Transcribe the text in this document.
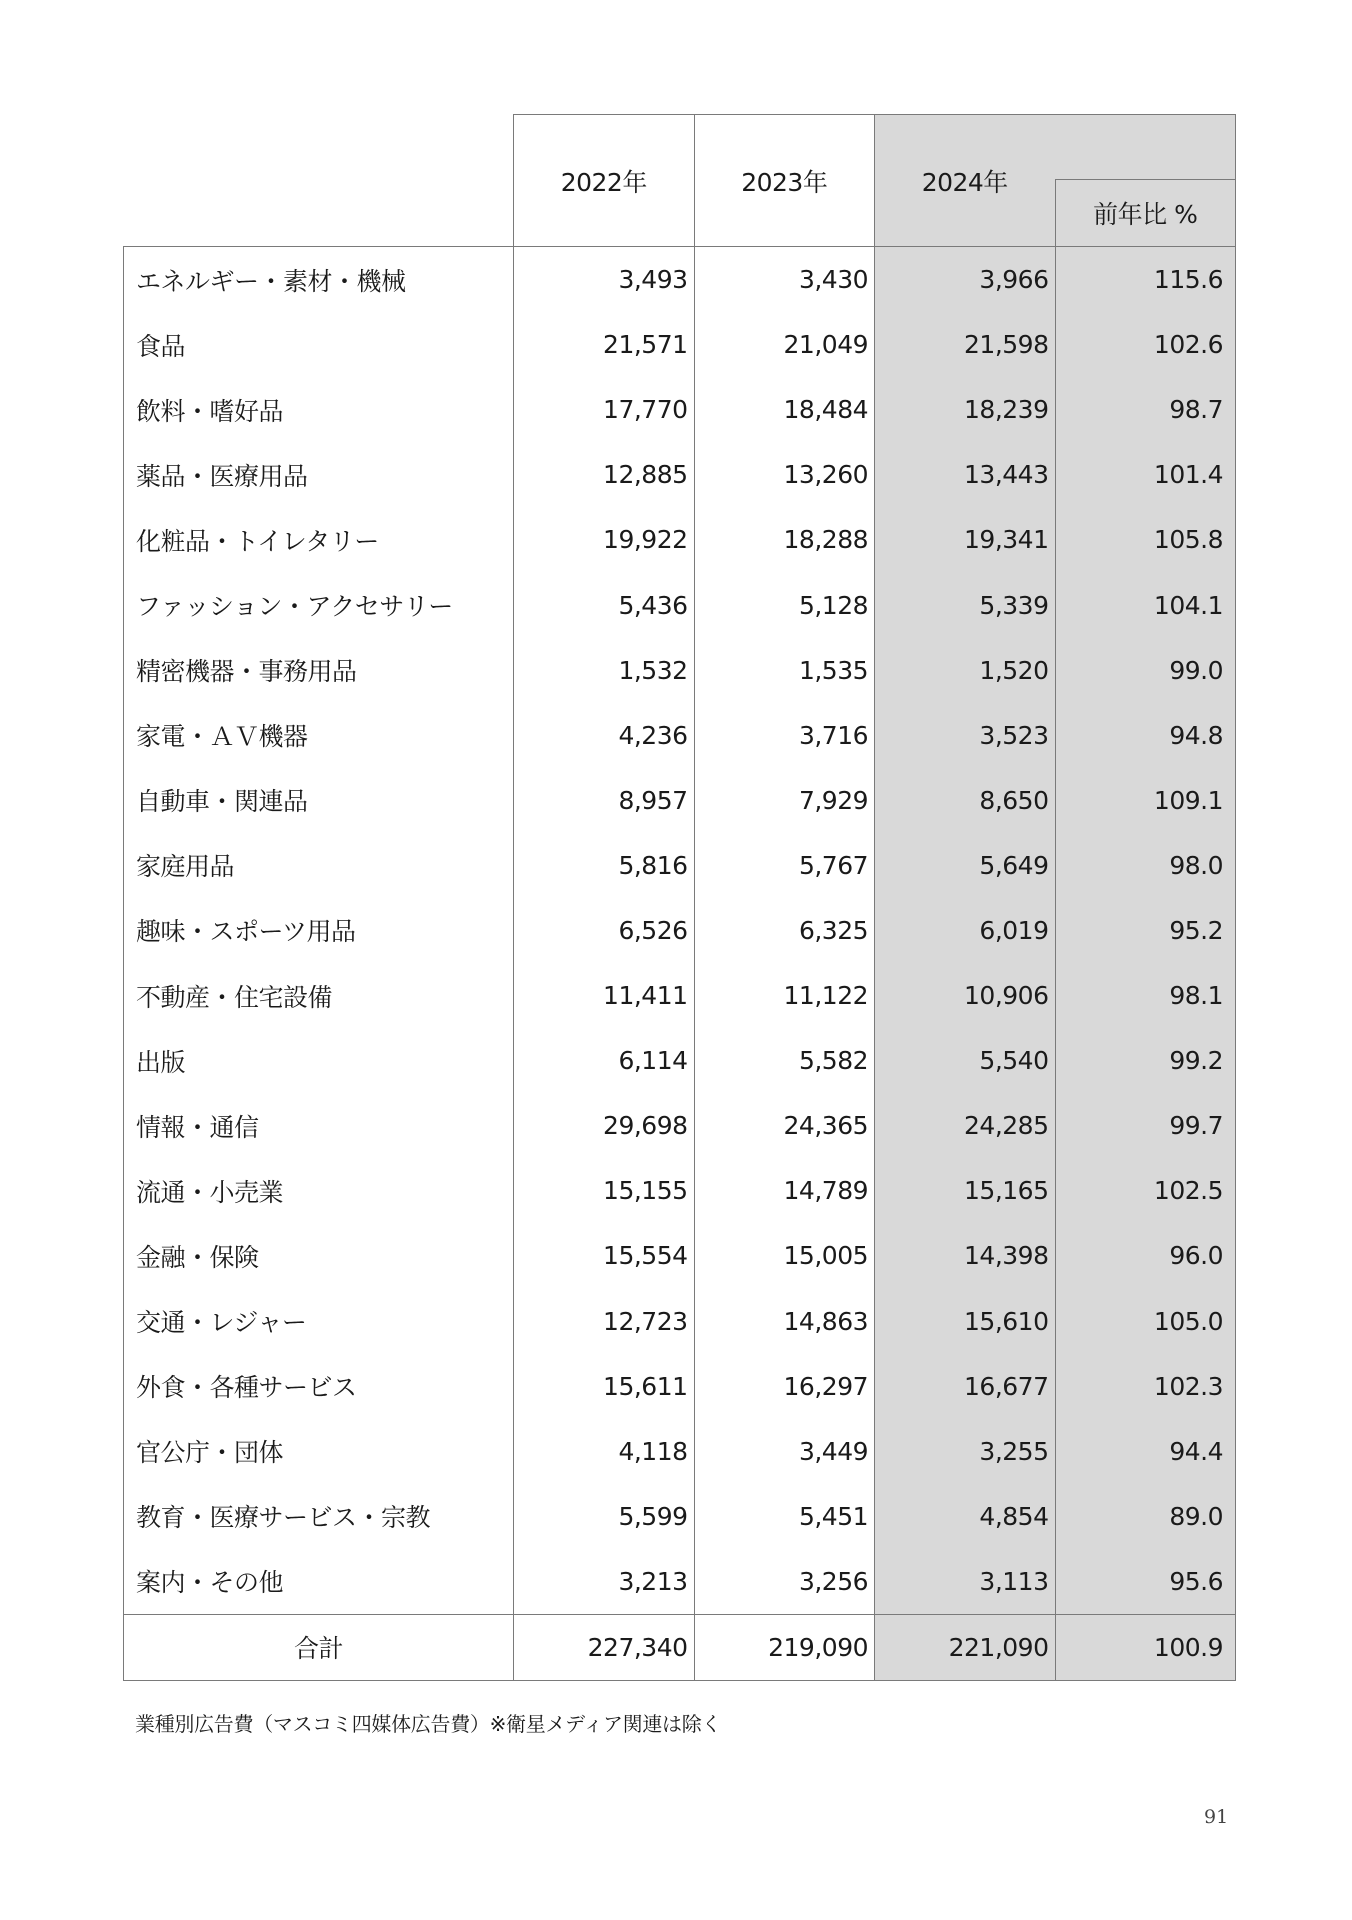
	2022年	2023年	2024年	
				前年比 %
エネルギー・素材・機械	3,493	3,430	3,966	115.6
食品	21,571	21,049	21,598	102.6
飲料・嗜好品	17,770	18,484	18,239	98.7
薬品・医療用品	12,885	13,260	13,443	101.4
化粧品・トイレタリー	19,922	18,288	19,341	105.8
ファッション・アクセサリー	5,436	5,128	5,339	104.1
精密機器・事務用品	1,532	1,535	1,520	99.0
家電・ＡＶ機器	4,236	3,716	3,523	94.8
自動車・関連品	8,957	7,929	8,650	109.1
家庭用品	5,816	5,767	5,649	98.0
趣味・スポーツ用品	6,526	6,325	6,019	95.2
不動産・住宅設備	11,411	11,122	10,906	98.1
出版	6,114	5,582	5,540	99.2
情報・通信	29,698	24,365	24,285	99.7
流通・小売業	15,155	14,789	15,165	102.5
金融・保険	15,554	15,005	14,398	96.0
交通・レジャー	12,723	14,863	15,610	105.0
外食・各種サービス	15,611	16,297	16,677	102.3
官公庁・団体	4,118	3,449	3,255	94.4
教育・医療サービス・宗教	5,599	5,451	4,854	89.0
案内・その他	3,213	3,256	3,113	95.6
合計	227,340	219,090	221,090	100.9
業種別広告費（マスコミ四媒体広告費）※衛星メディア関連は除く
91
